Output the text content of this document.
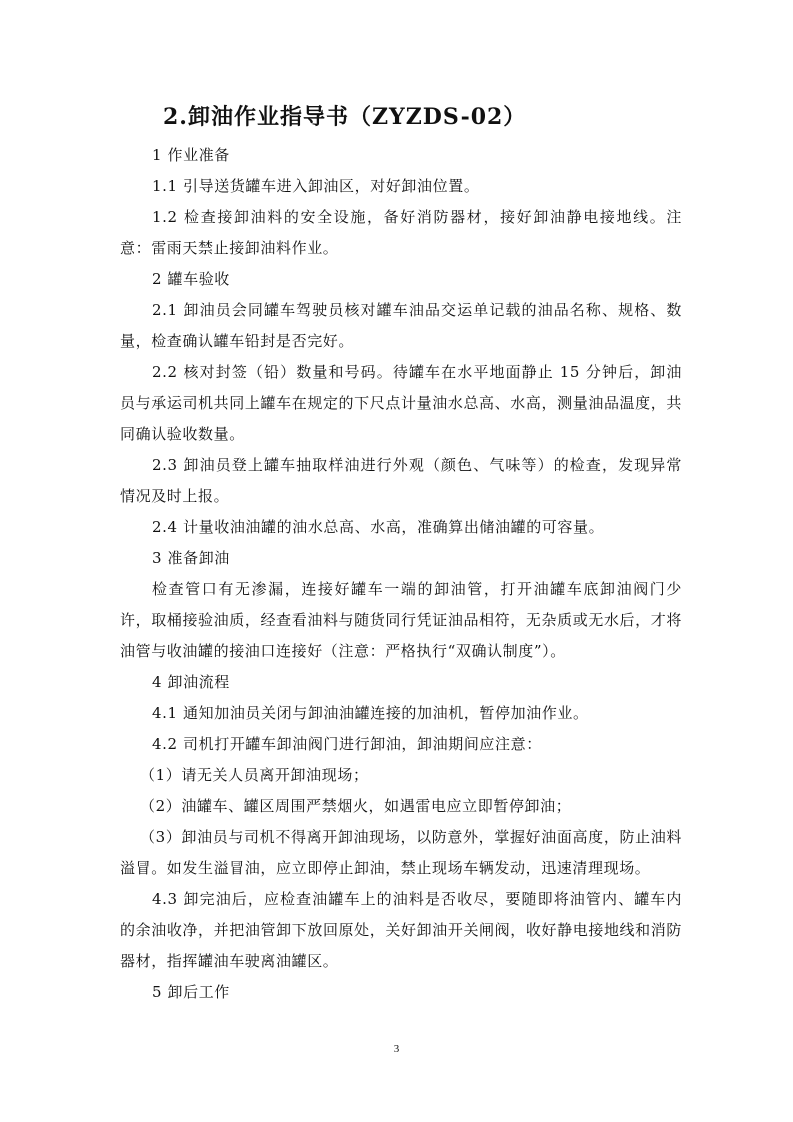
2.卸油作业指导书（ZYZDS-02）

1 作业准备

1.1 引导送货罐车进入卸油区，对好卸油位置。

1.2 检查接卸油料的安全设施，备好消防器材，接好卸油静电接地线。注意：雷雨天禁止接卸油料作业。

2 罐车验收

2.1 卸油员会同罐车驾驶员核对罐车油品交运单记载的油品名称、规格、数量，检查确认罐车铅封是否完好。

2.2 核对封签（铅）数量和号码。待罐车在水平地面静止 15 分钟后，卸油员与承运司机共同上罐车在规定的下尺点计量油水总高、水高，测量油品温度，共同确认验收数量。

2.3 卸油员登上罐车抽取样油进行外观（颜色、气味等）的检查，发现异常情况及时上报。

2.4 计量收油油罐的油水总高、水高，准确算出储油罐的可容量。

3 准备卸油

检查管口有无渗漏，连接好罐车一端的卸油管，打开油罐车底卸油阀门少许，取桶接验油质，经查看油料与随货同行凭证油品相符，无杂质或无水后，才将油管与收油罐的接油口连接好（注意：严格执行“双确认制度”）。

4 卸油流程

4.1 通知加油员关闭与卸油油罐连接的加油机，暂停加油作业。

4.2 司机打开罐车卸油阀门进行卸油，卸油期间应注意：

（1）请无关人员离开卸油现场；

（2）油罐车、罐区周围严禁烟火，如遇雷电应立即暂停卸油；

（3）卸油员与司机不得离开卸油现场，以防意外，掌握好油面高度，防止油料溢冒。如发生溢冒油，应立即停止卸油，禁止现场车辆发动，迅速清理现场。

4.3 卸完油后，应检查油罐车上的油料是否收尽，要随即将油管内、罐车内的余油收净，并把油管卸下放回原处，关好卸油开关闸阀，收好静电接地线和消防器材，指挥罐油车驶离油罐区。

5 卸后工作

3
